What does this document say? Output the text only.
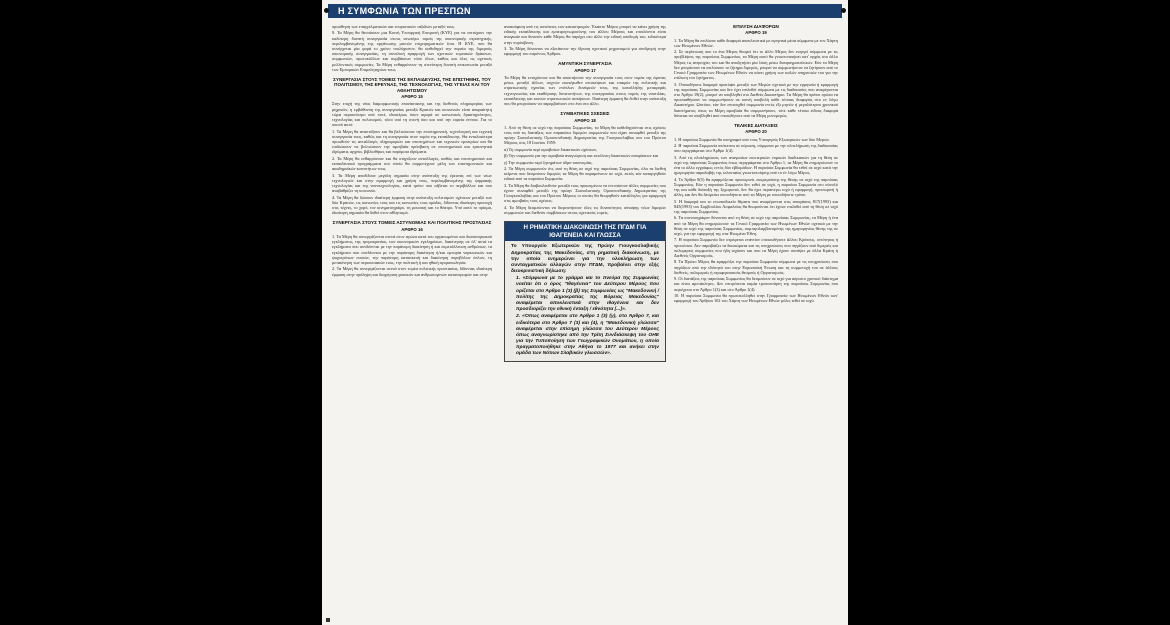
Η ΣΥΜΦΩΝΙΑ ΤΩΝ ΠΡΕΣΠΩΝ

προώθηση των επαγγελματικών και τουριστικών ταξιδιών μεταξύ τους.

9. Τα Μέρη θα θεσπίσουν μια Κοινή Υπουργική Επιτροπή (ΚΥΕ) για να επιτύχουν την καλύτερη δυνατή συνεργασία στους ανωτέρω τομείς της οικονομικής στρατηγικής, περιλαμβανομένης της οργάνωσης μικτών επιχειρηματικών fora. Η ΚΥΕ, που θα συνέρχεται μία φορά το χρόνο τουλάχιστον, θα καθοδηγεί την πορεία της διμερούς οικονομικής συνεργασίας, τη συνολική εφαρμογή των σχετικών τομεακών δράσεων, συμφωνιών, πρωτοκόλλων και συμβάσεων τόσο όλων, καθώς και όλες τις σχετικές μελλοντικές συμφωνίες. Τα Μέρη ενθαρρύνουν τη στενότερη δυνατή επικοινωνία μεταξύ των Εμπορικών Επιμελητηρίων τους.

ΣΥΝΕΡΓΑΣΙΑ ΣΤΟΥΣ ΤΟΜΕΙΣ ΤΗΣ ΕΚΠΑΙΔΕΥΣΗΣ, ΤΗΣ ΕΠΙΣΤΗΜΗΣ, ΤΟΥ ΠΟΛΙΤΙΣΜΟΥ, ΤΗΣ ΕΡΕΥΝΑΣ, ΤΗΣ ΤΕΧΝΟΛΟΓΙΑΣ, ΤΗΣ ΥΓΕΙΑΣ ΚΑΙ ΤΟΥ ΑΘΛΗΤΙΣΜΟΥ
ΑΡΘΡΟ 15

Στην επιχή της νέας διαμορφωτικής επανάστασης και της διεθνούς πληροφορίας των μηχανών, η εμβάθυνση της συνεργασίας μεταξύ Κρατών και κοινωνιών είναι απαραίτητη τώρα περισσότερο από ποτέ, ιδιαιτέρως όσον αφορά σε κοινωνικές δραστηριότητες, τεχνολογίας και πολιτισμού, τόσο υπό τη στενή όσο και υπό την ευρεία έννοια. Για το σκοπό αυτό:

1. Τα Μέρη θα αναπτύξουν και θα βελτιώσουν την επιστημονική, τεχνολογική και τεχνική συνεργασία τους, καθώς και τη συνεργασία στον τομέα της εκπαίδευσης. Θα ενταλαιότερα προωθούν τις ανταλλαγές πληροφοριών και επιστημόνων και τεχνικών εμπειρίων και θα επιδιώκουν να βελτιώσουν την αμοιβαία πρόσβαση σε επιστημονικά και ερευνητικά ιδρύματα, αρχεία, βιβλιοθήκες και παρόμοια ιδρύματα.

2. Τα Μέρη θα ενθαρρύνουν και θα στηρίζουν ανταλλαγές, καθώς και επιστημονικά και εκπαιδευτικά προγράμματα στο οποίο θα συμμετέχουν μέλη των επιστημονικών και ακαδημαϊκών κοινοτήτων τους.

3. Τα Μέρη αποδίδουν μεγάλη σημασία στην ανάπτυξη της έρευνας επί των νέων τεχνολογιών και στην εφαρμογή και χρήση τους, περιλαμβανομένης της ψηφιακής τεχνολογίας και της νανοτεχνολογίας, κατά τρόπο που σέβεται το περιβάλλον και που αναβαθμίζει τη κοινωνία.

4. Τα Μέρη θα δώσουν ιδιαίτερη έμφαση στην ανάπτυξη πολιτισμών σχέσεων μεταξύ των δύο Κρατών, τις κοινωνίες τους και τις κοινωνίες τους ομάδες, δίδοντας ιδιαίτερη προσοχή στις τέχνες, το χορό, τον κινηματογράφο, τη μουσική και το θέατρο. Υπό αυτό το πρίσμα, ιδιαίτερη σημασία θα δοθεί στον αθλητισμό.

ΣΥΝΕΡΓΑΣΙΑ ΣΤΟΥΣ ΤΟΜΕΙΣ ΑΣΤΥΝΟΜΙΑΣ ΚΑΙ ΠΟΛΙΤΙΚΗΣ ΠΡΟΣΤΑΣΙΑΣ
ΑΡΘΡΟ 16

1. Τα Μέρη θα συνεργάζονται στενά στον αγώνα κατά του οργανωμένου και διασυνοριακού εγκλήματος, της τρομοκρατίας, των οικονομικών εγκλημάτων, διακίνησης σε όλ' αυτά τα εγκλήματα που συνδέονται με την παράνομη διακίνηση ή και εκμετάλλευση ανθρώπων, τα εγκλήματα που συνδέονται με την παράνομη διακίνηση ή/και εμπορία ναρκωτικών και ψυχοτρόπων ουσιών, την παράνομη κατασκευή και διακίνηση πυροβόλων όπλων, τη μετακίνηση των περιουσιακών τους, την πολιτική ή και ηθική αγοραπωλησία.

2. Τα Μέρη θα συνεργάζονται στενά στον τομέα πολιτικής προστασίας, δίδοντας ιδιαίτερη έμφαση στην πρόληψη και διαχείριση φυσικών και ανθρωπογενών καταστροφών και στην

ανακούφιση από τις συνέπειες των καταστροφών. Έκαστο Μέρος μπορεί να κάνει χρήση της ειδικής εκπαίδευσης και εμπειρογνωμοσύνης του άλλου Μέρους και επιπλέοντα είναι αναγκαίο και δυνατόν κάθε Μέρος θα παρέχει στο άλλο την ειδική υποδομή του, ειδικότερα στην πυρόσβεση.

3. Τα Μέρη δύνανται να εξετάσουν την ίδρυση σχετικού μηχανισμού για συνδρομή στην εφαρμογή του παρόντος Άρθρου.

ΑΜΥΝΤΙΚΗ ΣΥΝΕΡΓΑΣΙΑ
ΑΡΘΡΟ 17

Τα Μέρη θα ενισχύσουν και θα αποκτήσουν την συνεργασία τους στον τομέα της άμυνας μέσω, μεταξύ άλλων, συχνών εκατέρωθεν επισκέψεων και επαφών της πολιτικής και στρατιωτικής ηγεσίας των ενόπλων δυνάμεών τους, της καταλλήλης μεταφοράς τεχνογνωσίας και εκαθόρισης δυνατοτήτων, της συνεργασίας στους τομείς της ναυτιλίας, εκπαίδευσης και κοινών στρατιωτικών ασκήσεων. Ιδιαίτερη έμφαση θα δοθεί στην ανάπτυξη που θα μπορούσαν να παρεμβαίνουν στο ένα στο άλλο.

ΣΥΜΒΑΤΙΚΕΣ ΣΧΕΣΕΙΣ
ΑΡΘΡΟ 18

1. Από τη θέση σε ισχύ της παρούσας Συμφωνίας, τα Μέρη θα καθοδηγούνται στις σχέσεις τους από τις διατάξεις των παρακάτω διμερών συμφωνιών που είχαν συναφθεί μεταξύ της πρώην Σοσιαλιστικής Ομοσπονδιακής Δημοκρατίας της Γιουγκοσλαβίας και του Πρώτου Μέρους στις 18 Ιουνίου 1959:

α) Τη συμφωνία περί αμοιβαίων δικαστικών σχέσεων,

β) Την συμφωνία για την αμοιβαία αναγνώριση και εκτέλεση δικαστικών αποφάσεων και

γ) Την συμφωνία περί ζητημάτων ύδρο-οικονομίας.

2. Τα Μέρη συμφωνούν ότι, από τη θέση σε ισχύ της παρούσας Συμφωνίας, όλα τα διεθνή κείμενα που δεσμεύουν διμερώς τα Μέρη θα παραμείνουν σε ισχύ, εκτός εάν καταργηθούν ειδικά από τα παρούσα Συμφωνία.

3. Τα Μέρη θα διαβουλευθούν μεταξύ τους προκειμένου να εντοπίσουν άλλες συμφωνίες που έχουν συναφθεί μεταξύ της πρώην Σοσιαλιστικής Ομοσπονδιακής Δημοκρατίας της Γιουγκοσλαβίας και του Πρώτου Μέρους οι οποίες θα θεωρηθούν κατάλληλες για εφαρμογή στις αμοιβαίες τους σχέσεις.

4. Τα Μέρη δεσμεύονται να διερευνήσουν όλες τις δυνατότητες σύναψης νέων διμερών συμφωνιών και διεθνών συμβάσεων στους σχετικούς τομείς.

Η ΡΗΜΑΤΙΚΗ ΔΙΑΚΟΙΝΩΣΗ ΤΗΣ ΠΓΔΜ ΓΙΑ ΙΘΑΓΕΝΕΙΑ ΚΑΙ ΓΛΩΣΣΑ

Το Υπουργείο Εξωτερικών της Πρώην Γιουγκοσλαβικής Δημοκρατίας της Μακεδονίας, στη ρηματική διακοίνωση, με την οποία ενημερώνει για την ολοκλήρωση των συνταγματικών αλλαγών στην ΠΓΔΜ, προβαίνει στην εξής διευκρινιστική δήλωση:

1. «Σύμφωνα με το γράμμα και το πνεύμα της Συμφωνίας νοείται ότι ο όρος "Ιθαγένεια" του Δεύτερου Μέρους που ορίζεται στο Άρθρο 1 (3) (β) της Συμφωνίας ως "Μακεδονική / πολίτης της Δημοκρατίας της Βόρειας Μακεδονίας" αναφέρεται αποκλειστικά στην ιθαγένεια και δεν προσδιορίζει την εθνική ένταξη / εθνότητα [...]».

2. «Όπως αναφέρεται στο Άρθρο 1 (3) (γ), στο Άρθρο 7, και ειδικότερα στο Άρθρο 7 (3) και (4), η "Μακεδονική γλώσσα" αναφέρεται στην επίσημη γλώσσα του Δεύτερου Μέρους όπως αναγνωρίστηκε από την Τρίτη Συνδιάσκεψη του ΟΗΕ για την Τυποποίηση των Γεωγραφικών Ονομάτων, η οποία πραγματοποιήθηκε στην Αθήνα το 1977 και ανήκει στην ομάδα των Νότιων Σλαβικών γλωσσών».

ΕΠΙΛΥΣΗ ΔΙΑΦΟΡΩΝ
ΑΡΘΡΟ 19

1. Τα Μέρη θα επιλύουν κάθε διαφορά αποκλειστικά με ειρηνικά μέσα σύμφωνα με τον Χάρτη των Ηνωμένων Εθνών.

2. Σε περίπτωση που το ένα Μέρος θεωρεί ότι το άλλο Μέρος δεν ενεργεί σύμφωνα με τις προβλέψεις της παρούσας Συμφωνίας, τα Μέρη αυτό θα γνωστοποιήσει κατ' αρχάς στο άλλο Μέρος τις ανησυχίες του και θα αναζητήσει μία λύση μέσω διαπραγματεύσεων. Εάν τα Μέρη δεν μπορέσουν να επιλύσουν το ζήτημα διμερώς, μπορεί να συμφωνήσουν να ζητήσουν από το Γενικό Γραμματέα των Ηνωμένων Εθνών να κάνει χρήση των καλών υπηρεσιών του για την επίλυση του ζητήματος.

3. Οποιαδήποτε διαφορά προκύψει μεταξύ των Μερών σχετικά με την ερμηνεία ή εφαρμογή της παρούσας Συμφωνίας και δεν έχει επιλυθεί σύμφωνα με τις διαδικασίες που αναφέρονται στο Άρθρο 19(2), μπορεί να υποβληθεί στο Διεθνές Δικαστήριο. Τα Μέρη θα πρέπει πρώτα να προσπαθήσουν να συμφωνήσουν σε κοινή υποβολή κάθε τέτοιας διαφοράς στο εν λόγω Δικαστήριο. Ωστόσο, εάν δεν επιτευχθεί συμφωνία εντός έξι μηνών ή μεγαλύτερου χρονικού διαστήματος όπως τα Μέρη αμοιβαία θα συμφωνήσουν, τότε κάθε τέτοια είδους διαφορά δύναται να υποβληθεί από οποιοδήποτε από τα Μέρη μονομερώς.

ΤΕΛΙΚΕΣ ΔΙΑΤΑΞΕΙΣ
ΑΡΘΡΟ 20

1. Η παρούσα Συμφωνία θα υπογραφεί από τους Υπουργούς Εξωτερικών των δύο Μερών.

2. Η παρούσα Συμφωνία υπόκειται σε κύρωση, σύμφωνα με την ολοκλήρωση της διαδικασίας που περιγράφεται στο Άρθρο 1(4).

3. Από τις ολοκληρώσεις των αναγκαίων εσωτερικών νομικών διαδικασιών για τη θέση σε ισχύ της παρούσας Συμφωνίας όπως περιγράφεται στο Άρθρο 1, τα Μέρη θα ενημερώσουν το ένα το άλλο εγγράφως εντός δύο εβδομάδων. Η παρούσα Συμφωνία θα τεθεί σε ισχύ κατά την ημερομηνία παραλαβής της τελευταίας γνωστοποίησης από το έν λόγω Μέρος.

4. Το Άρθρο 8(5) θα εφαρμόζεται προσωρινά, εκκρεμούσης της θέσης σε ισχύ της παρούσας Συμφωνίας. Εάν η παρούσα Συμφωνία δεν τεθεί σε ισχύ, η παρούσα Συμφωνία στο σύνολό της και κάθε διάταξή της ξεχωριστά, δεν θα έχει περαιτέρω ισχύ ή εφαρμογή, προσωρινή ή άλλη, και δεν θα δεσμεύει οποιοδήποτε από τα Μέρη με οποιοδήποτε τρόπο.

5. Η διαφορά και το ενωπιοδικείο θέματα που αναφέρονται στις αποφάσεις 817(1993) και 845(1993) του Συμβουλίου Ασφαλείας θα θεωρούνται ότι έχουν επιλυθεί από τη θέση σε ισχύ της παρούσας Συμφωνίας.

6. Τα συνυπογράφον δύνανται από τη θέση σε ισχύ της παρούσας Συμφωνίας, τα Μέρη ή ένα από τα Μέρη θα ενημερώσουν τα Γενικό Γραμματέα των Ηνωμένων Εθνών σχετικά με την θέση σε ισχύ της παρούσας Συμφωνίας, συμπεριλαμβανομένης της ημερομηνίας θέσης της σε ισχύ, για την εφαρμογή της στα Ηνωμένα Έθνη.

7. Η παρούσα Συμφωνία δεν στρέφεται εναντίον οποιουδήποτε άλλου Κράτους, οντότητας ή προσώπου. Δεν παραβιάζει τα δικαιώματα και τις υποχρεώσεις που πηγάζουν από διμερείς και πολυμερείς συμφωνίες που ήδη ισχύουν και που τα Μέρη έχουν συνάψει με άλλα Κράτη ή Διεθνείς Οργανισμούς.

8. Τα Πρώτο Μέρος θα εφαρμόζει την παρούσα Συμφωνία σύμφωνα με τις υποχρεώσεις που πηγάζουν από την ιδιότητά του στην Ευρωπαϊκή Ένωση και τη συμμετοχή του σε άλλους διεθνείς, πολυμερείς ή περιφερειακούς θεσμούς ή Οργανισμούς.

9. Οι διατάξεις της παρούσας Συμφωνίας θα δεσμεύουν σε ισχύ για αόριστο χρονικό διάστημα και είναι αμετάκλητες. Δεν επιτρέπεται καμία τροποποίηση της παρούσας Συμφωνίας που περιέχεται στο Άρθρο 1(3) και στο Άρθρο 1(4).

10. Η παρούσα Συμφωνία θα πρωτοκολληθεί στην Γραμματεία των Ηνωμένων Εθνών κατ' εφαρμογή του Άρθρου 102 του Χάρτη των Ηνωμένων Εθνών μόλις τεθεί σε ισχύ.
